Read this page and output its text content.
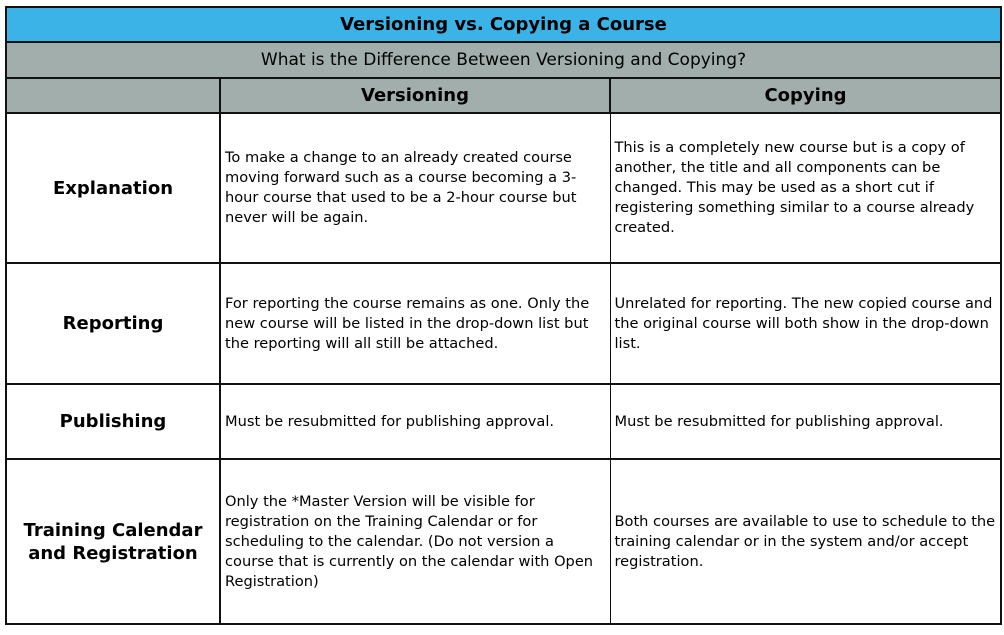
Versioning vs. Copying a Course		
What is the Difference Between Versioning and Copying?		
	Versioning	Copying
Explanation	To make a change to an already created course moving forward such as a course becoming a 3-hour course that used to be a 2-hour course but never will be again.	This is a completely new course but is a copy of another, the title and all components can be changed. This may be used as a short cut if registering something similar to a course already created.
Reporting	For reporting the course remains as one. Only the new course will be listed in the drop-down list but the reporting will all still be attached.	Unrelated for reporting. The new copied course and the original course will both show in the drop-down list.
Publishing	Must be resubmitted for publishing approval.	Must be resubmitted for publishing approval.
Training Calendar and Registration	Only the *Master Version will be visible for registration on the Training Calendar or for scheduling to the calendar. (Do not version a course that is currently on the calendar with Open Registration)	Both courses are available to use to schedule to the training calendar or in the system and/or accept registration.
